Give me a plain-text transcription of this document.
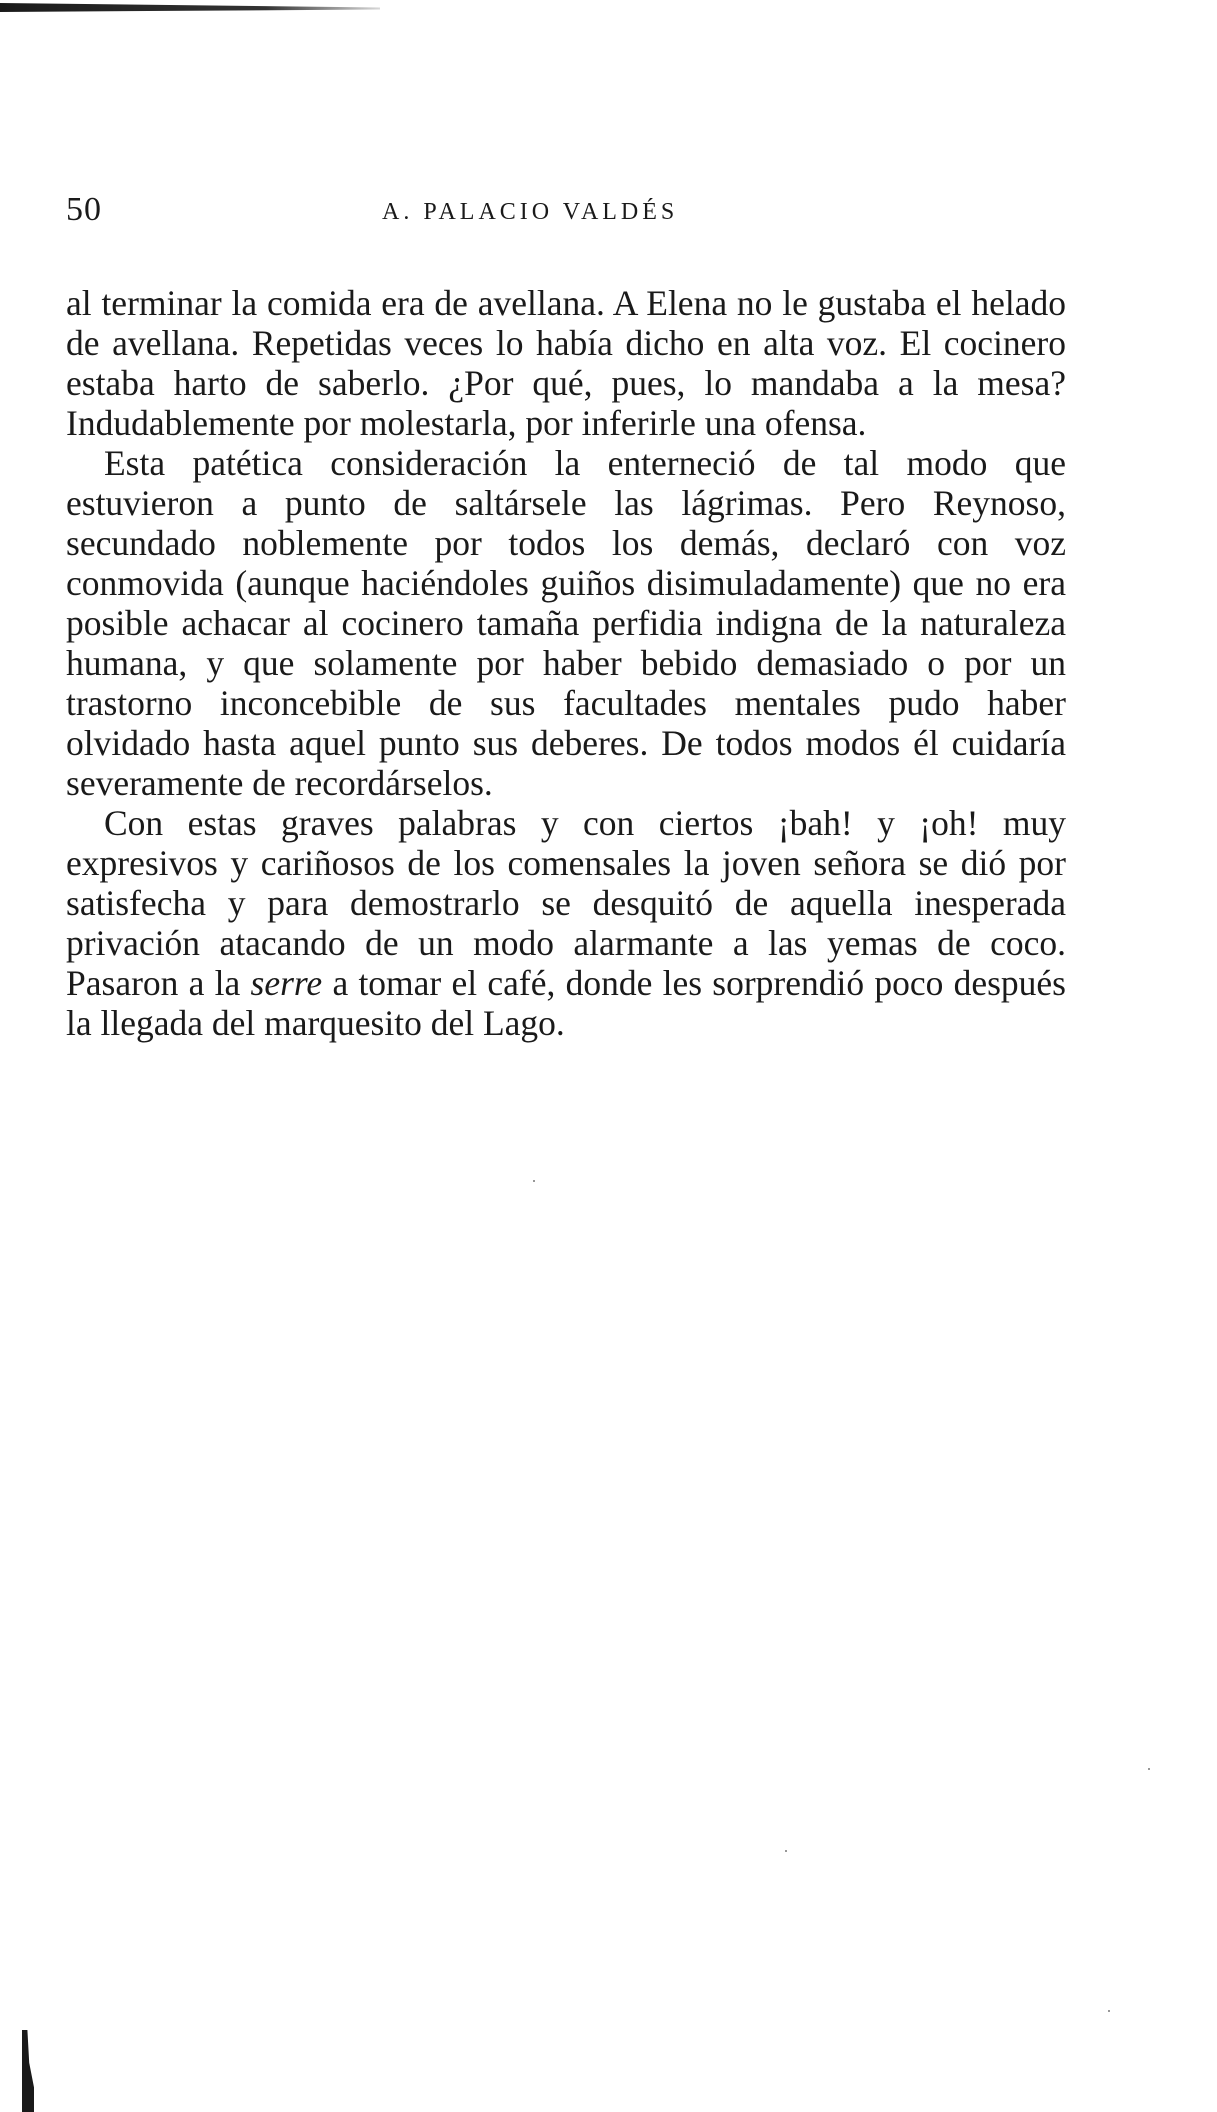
50	A. PALACIO VALDÉS

al terminar la comida era de avellana. A Elena no le gustaba el helado de avellana. Repetidas veces lo había dicho en alta voz. El cocinero estaba harto de saberlo. ¿Por qué, pues, lo mandaba a la mesa? Indudablemente por molestarla, por inferirle una ofensa.

Esta patética consideración la enterneció de tal modo que estuvieron a punto de saltársele las lágrimas. Pero Reynoso, secundado noblemente por todos los demás, declaró con voz conmovida (aunque haciéndoles guiños disimuladamente) que no era posible achacar al cocinero tamaña perfidia indigna de la naturaleza humana, y que solamente por haber bebido demasiado o por un trastorno inconcebible de sus facultades mentales pudo haber olvidado hasta aquel punto sus deberes. De todos modos él cuidaría severamente de recordárselos.

Con estas graves palabras y con ciertos ¡bah! y ¡oh! muy expresivos y cariñosos de los comensales la joven señora se dió por satisfecha y para demostrarlo se desquitó de aquella inesperada privación atacando de un modo alarmante a las yemas de coco. Pasaron a la serre a tomar el café, donde les sorprendió poco después la llegada del marquesito del Lago.
